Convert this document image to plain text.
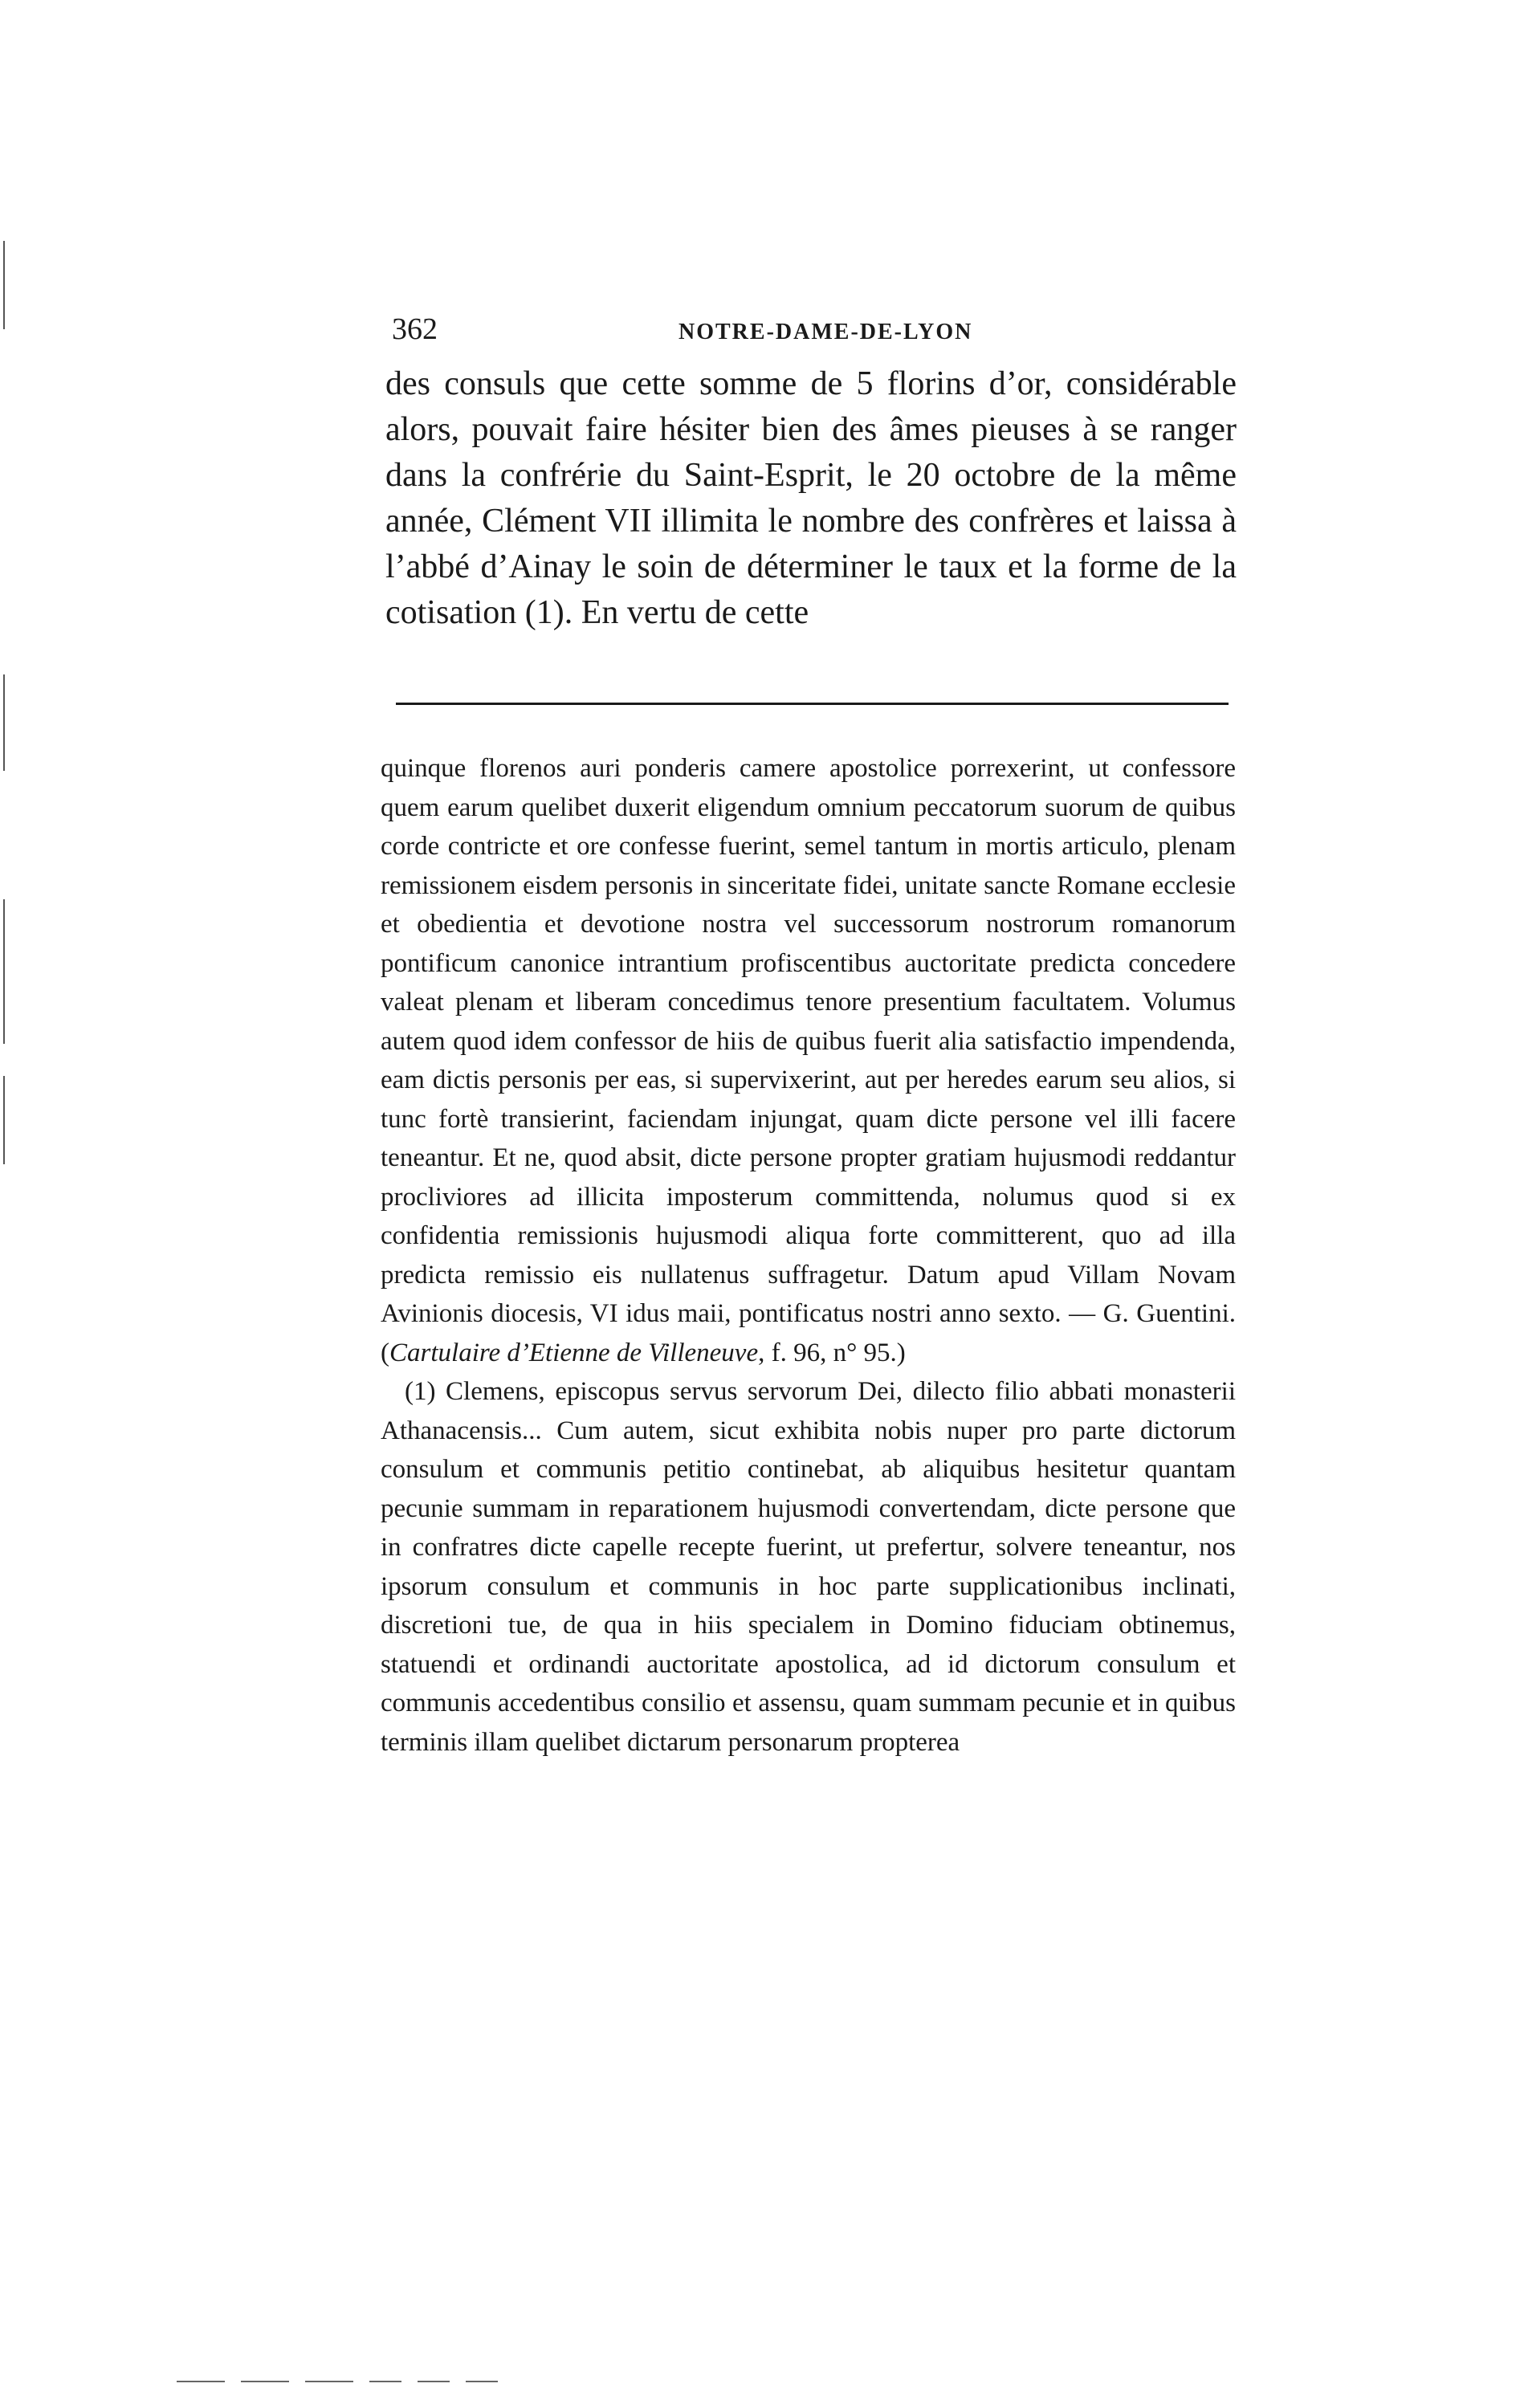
362	NOTRE-DAME-DE-LYON

des consuls que cette somme de 5 florins d’or, considérable alors, pouvait faire hésiter bien des âmes pieuses à se ranger dans la confrérie du Saint-Esprit, le 20 octobre de la même année, Clément VII illimita le nombre des confrères et laissa à l’abbé d’Ainay le soin de déterminer le taux et la forme de la cotisation (1). En vertu de cette

quinque florenos auri ponderis camere apostolice porrexerint, ut confessore quem earum quelibet duxerit eligendum omnium peccatorum suorum de quibus corde contricte et ore confesse fuerint, semel tantum in mortis articulo, plenam remissionem eisdem personis in sinceritate fidei, unitate sancte Romane ecclesie et obedientia et devotione nostra vel successorum nostrorum romanorum pontificum canonice intrantium profiscentibus auctoritate predicta concedere valeat plenam et liberam concedimus tenore presentium facultatem. Volumus autem quod idem confessor de hiis de quibus fuerit alia satisfactio impendenda, eam dictis personis per eas, si supervixerint, aut per heredes earum seu alios, si tunc fortè transierint, faciendam injungat, quam dicte persone vel illi facere teneantur. Et ne, quod absit, dicte persone propter gratiam hujusmodi reddantur procliviores ad illicita imposterum committenda, nolumus quod si ex confidentia remissionis hujusmodi aliqua forte committerent, quo ad illa predicta remissio eis nullatenus suffragetur. Datum apud Villam Novam Avinionis diocesis, VI idus maii, pontificatus nostri anno sexto. — G. Guentini. (Cartulaire d’Etienne de Villeneuve, f. 96, n° 95.)

(1) Clemens, episcopus servus servorum Dei, dilecto filio abbati monasterii Athanacensis... Cum autem, sicut exhibita nobis nuper pro parte dictorum consulum et communis petitio continebat, ab aliquibus hesitetur quantam pecunie summam in reparationem hujusmodi convertendam, dicte persone que in confratres dicte capelle recepte fuerint, ut prefertur, solvere teneantur, nos ipsorum consulum et communis in hoc parte supplicationibus inclinati, discretioni tue, de qua in hiis specialem in Domino fiduciam obtinemus, statuendi et ordinandi auctoritate apostolica, ad id dictorum consulum et communis accedentibus consilio et assensu, quam summam pecunie et in quibus terminis illam quelibet dictarum personarum propterea
